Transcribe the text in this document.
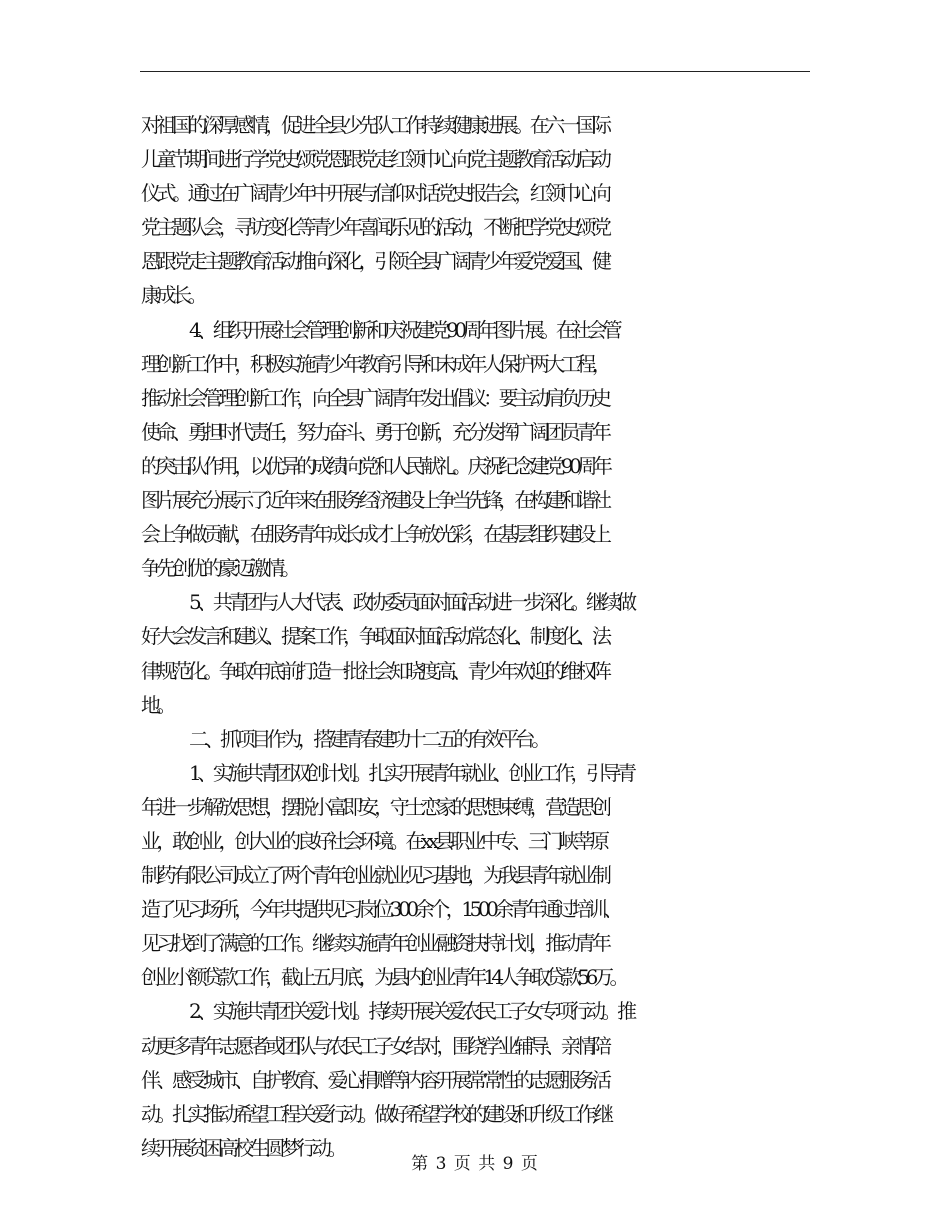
对祖国的深厚感情，促进全县少先队工作持续健康进展。在六一国际
儿童节期间进行学党史颂党恩跟党走红领巾心向党主题教育活动启动
仪式。通过在广阔青少年中开展与信仰对话党史报告会，红领巾心向
党主题队会，寻访变化等青少年喜闻乐见的活动，不断把学党史颂党
恩跟党走主题教育活动推向深化，引领全县广阔青少年爱党爱国、健
康成长。
4、组织开展社会管理创新和庆祝建党90周年图片展。在社会管
理创新工作中，积极实施青少年教育引导和未成年人保护两大工程，
推动社会管理创新工作，向全县广阔青年发出倡议：要主动肩负历史
使命、勇担时代责任，努力奋斗、勇于创新，充分发挥广阔团员青年
的突击队作用，以优异的成绩向党和人民献礼。庆祝纪念建党90周年
图片展充分展示了近年来在服务经济建设上争当先锋，在构建和谐社
会上争做贡献，在服务青年成长成才上争放光彩，在基层组织建设上
争先创优的豪迈激情。
5、共青团与人大代表、政协委员面对面活动进一步深化。继续做
好大会发言和建议、提案工作，争取面对面活动常态化、制度化、法
律规范化。争取年底前打造一批社会知晓度高、青少年欢迎的维权阵
地。
二、抓项目作为，搭建青春建功十二五的有效平台。
1、实施共青团双创计划。扎实开展青年就业、创业工作，引导青
年进一步解放思想，摆脱小富即安，守土恋家的思想束缚，营造思创
业，敢创业，创大业的良好社会环境。在xx县职业中专、三门峡莘原
制药有限公司成立了两个青年创业就业见习基地，为我县青年就业制
造了见习场所，今年共提供见习岗位300余个，1500余青年通过培训、
见习找到了满意的工作。继续实施青年创业融资扶持计划，推动青年
创业小额贷款工作，截止五月底，为县内创业青年14人争取贷款56万。
2、实施共青团关爱计划。持续开展关爱农民工子女专项行动。推
动更多青年志愿者或团队与农民工子女结对，围绕学业辅导、亲情陪
伴、感受城市、自护教育、爱心捐赠等内容开展常常性的志愿服务活
动。扎实推动希望工程关爱行动。做好希望学校的建设和升级工作;继
续开展贫困高校生圆梦行动。
第 3 页 共 9 页
